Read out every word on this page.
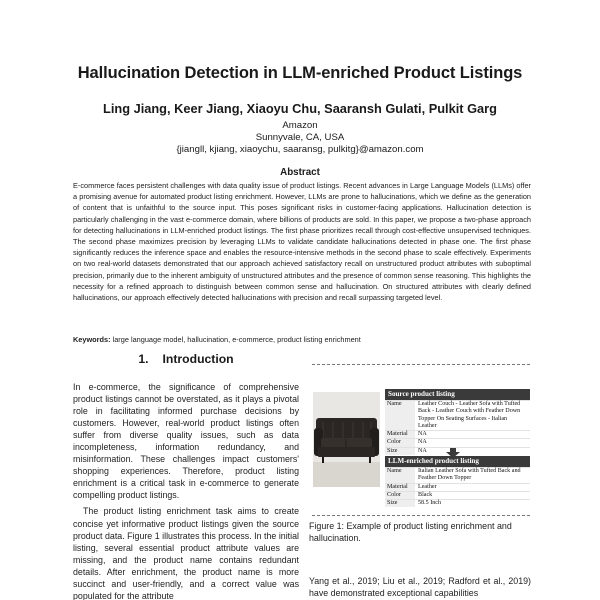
Hallucination Detection in LLM-enriched Product Listings
Ling Jiang, Keer Jiang, Xiaoyu Chu, Saaransh Gulati, Pulkit Garg
Amazon
Sunnyvale, CA, USA
{jiangll, kjiang, xiaoychu, saaransg, pulkitg}@amazon.com
Abstract
E-commerce faces persistent challenges with data quality issue of product listings. Recent advances in Large Language Models (LLMs) offer a promising avenue for automated product listing enrichment. However, LLMs are prone to hallucinations, which we define as the generation of content that is unfaithful to the source input. This poses significant risks in customer-facing applications. Hallucination detection is particularly challenging in the vast e-commerce domain, where billions of products are sold. In this paper, we propose a two-phase approach for detecting hallucinations in LLM-enriched product listings. The first phase prioritizes recall through cost-effective unsupervised techniques. The second phase maximizes precision by leveraging LLMs to validate candidate hallucinations detected in phase one. The first phase significantly reduces the inference space and enables the resource-intensive methods in the second phase to scale effectively. Experiments on two real-world datasets demonstrated that our approach achieved satisfactory recall on unstructured product attributes with suboptimal precision, primarily due to the inherent ambiguity of unstructured attributes and the presence of common sense reasoning. This highlights the necessity for a refined approach to distinguish between common sense and hallucination. On structured attributes with clearly defined hallucinations, our approach effectively detected hallucinations with precision and recall surpassing targeted level.
Keywords: large language model, hallucination, e-commerce, product listing enrichment
1. Introduction

In e-commerce, the significance of comprehensive product listings cannot be overstated, as it plays a pivotal role in facilitating informed purchase decisions by customers. However, real-world product listings often suffer from diverse quality issues, such as data incompleteness, information redundancy, and misinformation. These challenges impact customers' shopping experiences. Therefore, product listing enrichment is a critical task in e-commerce to generate compelling product listings.

The product listing enrichment task aims to create concise yet informative product listings given the source product data. Figure 1 illustrates this process. In the initial listing, several essential product attribute values are missing, and the product name contains redundant details. After enrichment, the product name is more succinct and user-friendly, and a correct value was populated for the attribute

Source product listing
Name	Leather Couch - Leather Sofa with Tufted Back - Leather Couch with Feather Down Topper On Seating Surfaces - Italian Leather
Material	NA
Color	NA
Size	NA
LLM-enriched product listing
Name	Italian Leather Sofa with Tufted Back and Feather Down Topper
Material	Leather
Color	Black
Size	58.5 Inch
Figure 1: Example of product listing enrichment and hallucination.
Yang et al., 2019; Liu et al., 2019; Radford et al., 2019) have demonstrated exceptional capabilities
